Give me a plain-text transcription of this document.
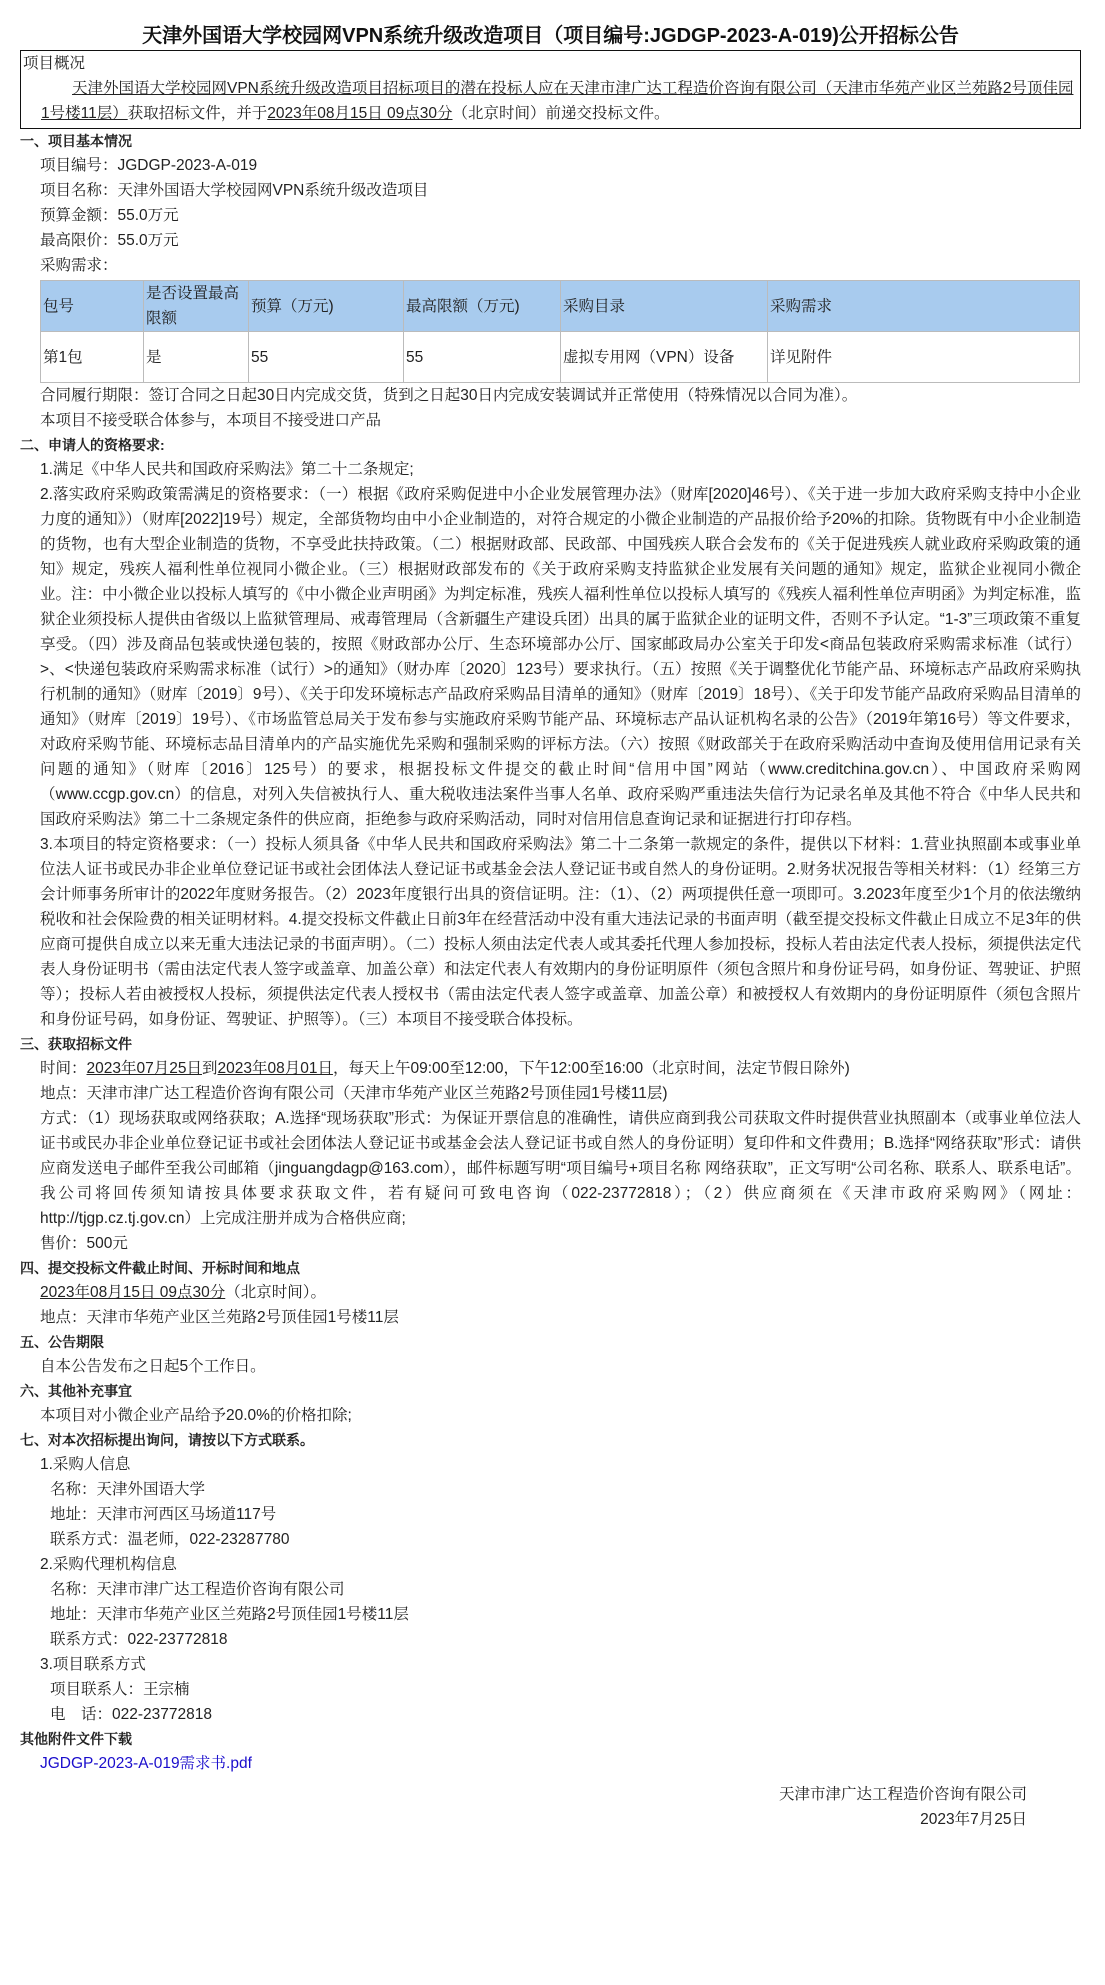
天津外国语大学校园网VPN系统升级改造项目（项目编号:JGDGP-2023-A-019)公开招标公告
项目概况

天津外国语大学校园网VPN系统升级改造项目招标项目的潜在投标人应在天津市津广达工程造价咨询有限公司（天津市华苑产业区兰苑路2号顶佳园1号楼11层）获取招标文件，并于2023年08月15日 09点30分（北京时间）前递交投标文件。

一、项目基本情况

项目编号：JGDGP-2023-A-019

项目名称：天津外国语大学校园网VPN系统升级改造项目

预算金额：55.0万元

最高限价：55.0万元

采购需求：

包号	是否设置最高限额	预算（万元)	最高限额（万元)	采购目录	采购需求
第1包	是	55	55	虚拟专用网（VPN）设备	详见附件

合同履行期限：签订合同之日起30日内完成交货，货到之日起30日内完成安装调试并正常使用（特殊情况以合同为准）。

本项目不接受联合体参与，本项目不接受进口产品

二、申请人的资格要求:

1.满足《中华人民共和国政府采购法》第二十二条规定;

2.落实政府采购政策需满足的资格要求：（一）根据《政府采购促进中小企业发展管理办法》（财库[2020]46号）、《关于进一步加大政府采购支持中小企业力度的通知》）（财库[2022]19号）规定，全部货物均由中小企业制造的，对符合规定的小微企业制造的产品报价给予20%的扣除。货物既有中小企业制造的货物，也有大型企业制造的货物，不享受此扶持政策。（二）根据财政部、民政部、中国残疾人联合会发布的《关于促进残疾人就业政府采购政策的通知》规定，残疾人福利性单位视同小微企业。（三）根据财政部发布的《关于政府采购支持监狱企业发展有关问题的通知》规定，监狱企业视同小微企业。注：中小微企业以投标人填写的《中小微企业声明函》为判定标准，残疾人福利性单位以投标人填写的《残疾人福利性单位声明函》为判定标准，监狱企业须投标人提供由省级以上监狱管理局、戒毒管理局（含新疆生产建设兵团）出具的属于监狱企业的证明文件，否则不予认定。“1-3”三项政策不重复享受。（四）涉及商品包装或快递包装的，按照《财政部办公厅、生态环境部办公厅、国家邮政局办公室关于印发<商品包装政府采购需求标准（试行）>、<快递包装政府采购需求标准（试行）>的通知》（财办库〔2020〕123号）要求执行。（五）按照《关于调整优化节能产品、环境标志产品政府采购执行机制的通知》（财库〔2019〕9号）、《关于印发环境标志产品政府采购品目清单的通知》（财库〔2019〕18号）、《关于印发节能产品政府采购品目清单的通知》（财库〔2019〕19号）、《市场监管总局关于发布参与实施政府采购节能产品、环境标志产品认证机构名录的公告》（2019年第16号）等文件要求，对政府采购节能、环境标志品目清单内的产品实施优先采购和强制采购的评标方法。（六）按照《财政部关于在政府采购活动中查询及使用信用记录有关问题的通知》（财库〔2016〕125号）的要求，根据投标文件提交的截止时间“信用中国”网站（www.creditchina.gov.cn）、中国政府采购网（www.ccgp.gov.cn）的信息，对列入失信被执行人、重大税收违法案件当事人名单、政府采购严重违法失信行为记录名单及其他不符合《中华人民共和国政府采购法》第二十二条规定条件的供应商，拒绝参与政府采购活动，同时对信用信息查询记录和证据进行打印存档。

3.本项目的特定资格要求：（一）投标人须具备《中华人民共和国政府采购法》第二十二条第一款规定的条件，提供以下材料：1.营业执照副本或事业单位法人证书或民办非企业单位登记证书或社会团体法人登记证书或基金会法人登记证书或自然人的身份证明。2.财务状况报告等相关材料：（1）经第三方会计师事务所审计的2022年度财务报告。（2）2023年度银行出具的资信证明。注：（1）、（2）两项提供任意一项即可。3.2023年度至少1个月的依法缴纳税收和社会保险费的相关证明材料。4.提交投标文件截止日前3年在经营活动中没有重大违法记录的书面声明（截至提交投标文件截止日成立不足3年的供应商可提供自成立以来无重大违法记录的书面声明）。（二）投标人须由法定代表人或其委托代理人参加投标，投标人若由法定代表人投标，须提供法定代表人身份证明书（需由法定代表人签字或盖章、加盖公章）和法定代表人有效期内的身份证明原件（须包含照片和身份证号码，如身份证、驾驶证、护照等）；投标人若由被授权人投标，须提供法定代表人授权书（需由法定代表人签字或盖章、加盖公章）和被授权人有效期内的身份证明原件（须包含照片和身份证号码，如身份证、驾驶证、护照等）。（三）本项目不接受联合体投标。

三、获取招标文件

时间：2023年07月25日到2023年08月01日，每天上午09:00至12:00，下午12:00至16:00（北京时间，法定节假日除外)

地点：天津市津广达工程造价咨询有限公司（天津市华苑产业区兰苑路2号顶佳园1号楼11层)

方式：（1）现场获取或网络获取；A.选择“现场获取”形式：为保证开票信息的准确性，请供应商到我公司获取文件时提供营业执照副本（或事业单位法人证书或民办非企业单位登记证书或社会团体法人登记证书或基金会法人登记证书或自然人的身份证明）复印件和文件费用；B.选择“网络获取”形式：请供应商发送电子邮件至我公司邮箱（jinguangdagp@163.com），邮件标题写明“项目编号+项目名称 网络获取”，正文写明“公司名称、联系人、联系电话”。我公司将回传须知请按具体要求获取文件，若有疑问可致电咨询（022-23772818）；（2）供应商须在《天津市政府采购网》（网址：http://tjgp.cz.tj.gov.cn）上完成注册并成为合格供应商;

售价：500元

四、提交投标文件截止时间、开标时间和地点

2023年08月15日 09点30分（北京时间）。

地点：天津市华苑产业区兰苑路2号顶佳园1号楼11层

五、公告期限

自本公告发布之日起5个工作日。

六、其他补充事宜

本项目对小微企业产品给予20.0%的价格扣除;

七、对本次招标提出询问，请按以下方式联系。

1.采购人信息

名称：天津外国语大学

地址：天津市河西区马场道117号

联系方式：温老师，022-23287780

2.采购代理机构信息

名称：天津市津广达工程造价咨询有限公司

地址：天津市华苑产业区兰苑路2号顶佳园1号楼11层

联系方式：022-23772818

3.项目联系方式

项目联系人：王宗楠

电　话：022-23772818

其他附件文件下载

JGDGP-2023-A-019需求书.pdf

天津市津广达工程造价咨询有限公司
2023年7月25日
